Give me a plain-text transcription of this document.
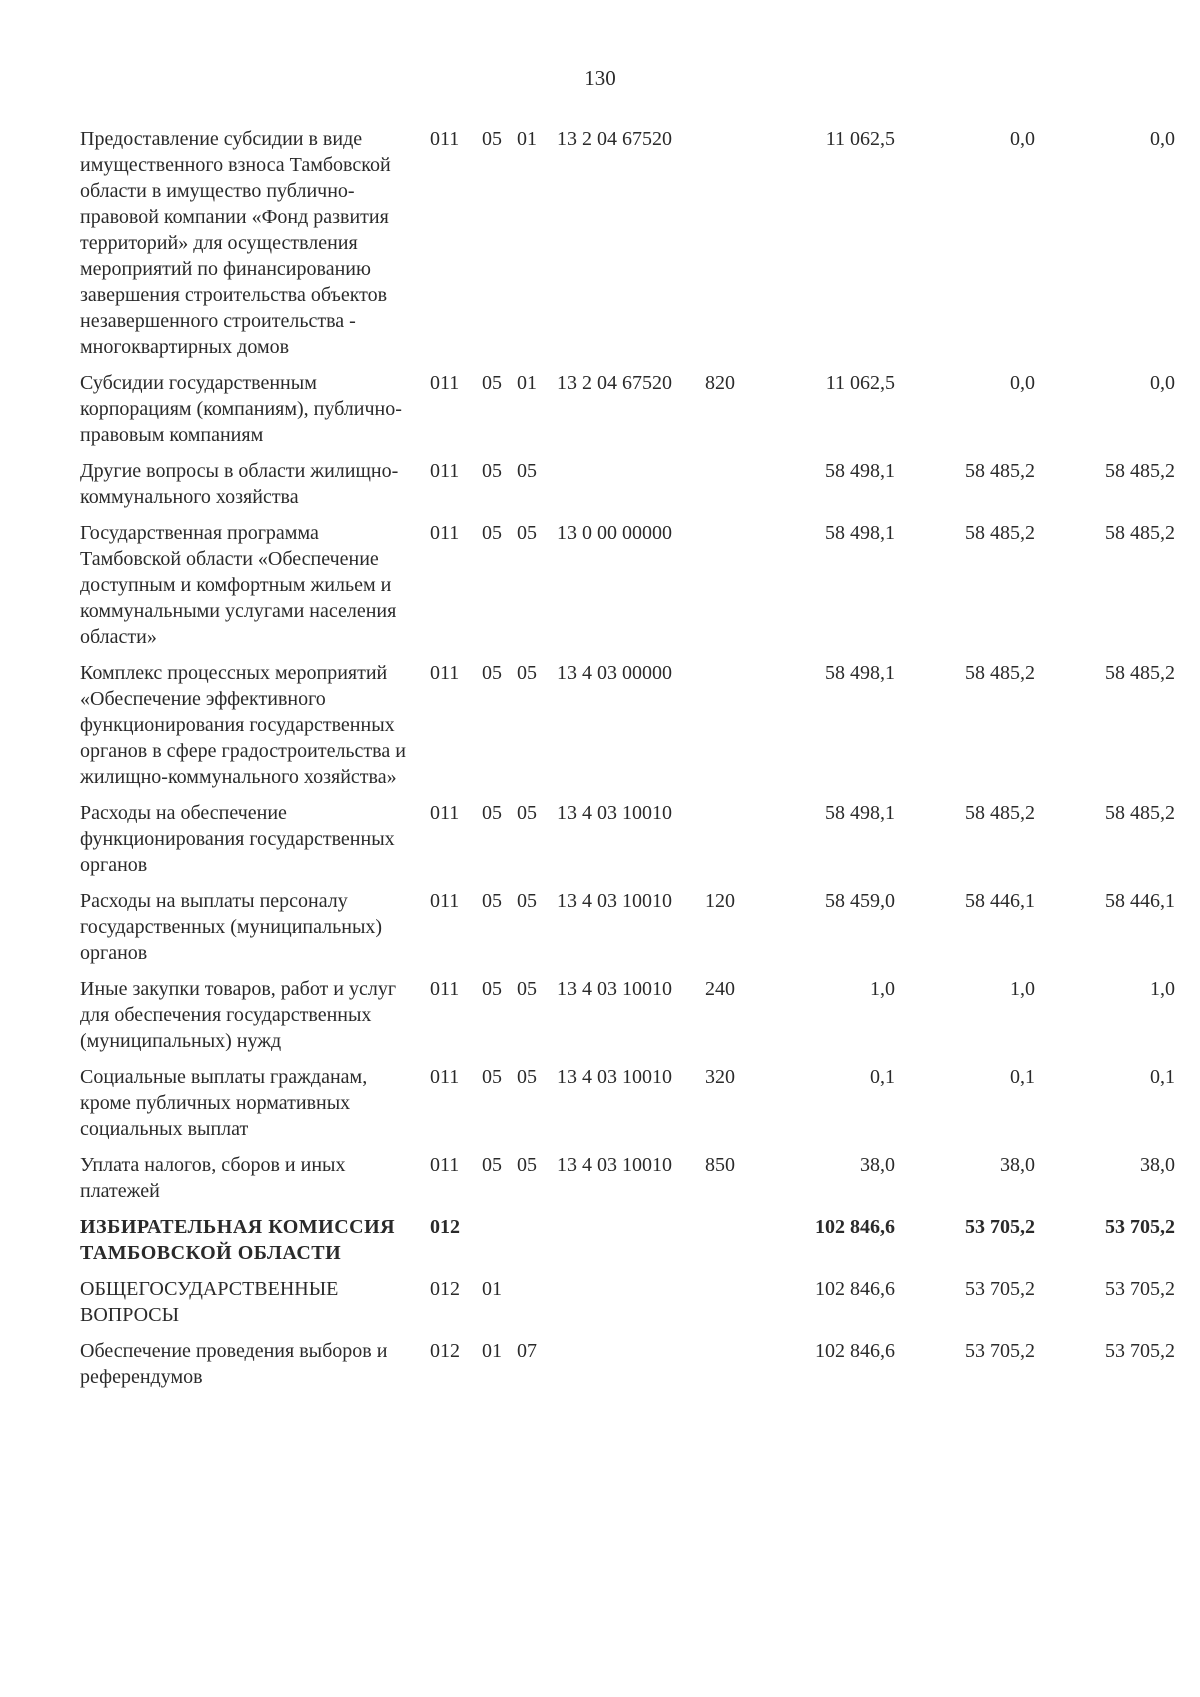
130
Предоставление субсидии в виде имущественного взноса Тамбовской области в имущество публично-правовой компании «Фонд развития территорий» для осуществления мероприятий по финансированию завершения строительства объектов незавершенного строительства - многоквартирных домов	011	05	01	13 2 04 67520		11 062,5	0,0	0,0
Субсидии государственным корпорациям (компаниям), публично-правовым компаниям	011	05	01	13 2 04 67520	820	11 062,5	0,0	0,0
Другие вопросы в области жилищно-коммунального хозяйства	011	05	05			58 498,1	58 485,2	58 485,2
Государственная программа Тамбовской области «Обеспечение доступным и комфортным жильем и коммунальными услугами населения области»	011	05	05	13 0 00 00000		58 498,1	58 485,2	58 485,2
Комплекс процессных мероприятий «Обеспечение эффективного функционирования государственных органов в сфере градостроительства и жилищно-коммунального хозяйства»	011	05	05	13 4 03 00000		58 498,1	58 485,2	58 485,2
Расходы на обеспечение функционирования государственных органов	011	05	05	13 4 03 10010		58 498,1	58 485,2	58 485,2
Расходы на выплаты персоналу государственных (муниципальных) органов	011	05	05	13 4 03 10010	120	58 459,0	58 446,1	58 446,1
Иные закупки товаров, работ и услуг для обеспечения государственных (муниципальных) нужд	011	05	05	13 4 03 10010	240	1,0	1,0	1,0
Социальные выплаты гражданам, кроме публичных нормативных социальных выплат	011	05	05	13 4 03 10010	320	0,1	0,1	0,1
Уплата налогов, сборов и иных платежей	011	05	05	13 4 03 10010	850	38,0	38,0	38,0
ИЗБИРАТЕЛЬНАЯ КОМИССИЯ ТАМБОВСКОЙ ОБЛАСТИ	012					102 846,6	53 705,2	53 705,2
ОБЩЕГОСУДАРСТВЕННЫЕ ВОПРОСЫ	012	01				102 846,6	53 705,2	53 705,2
Обеспечение проведения выборов и референдумов	012	01	07			102 846,6	53 705,2	53 705,2
